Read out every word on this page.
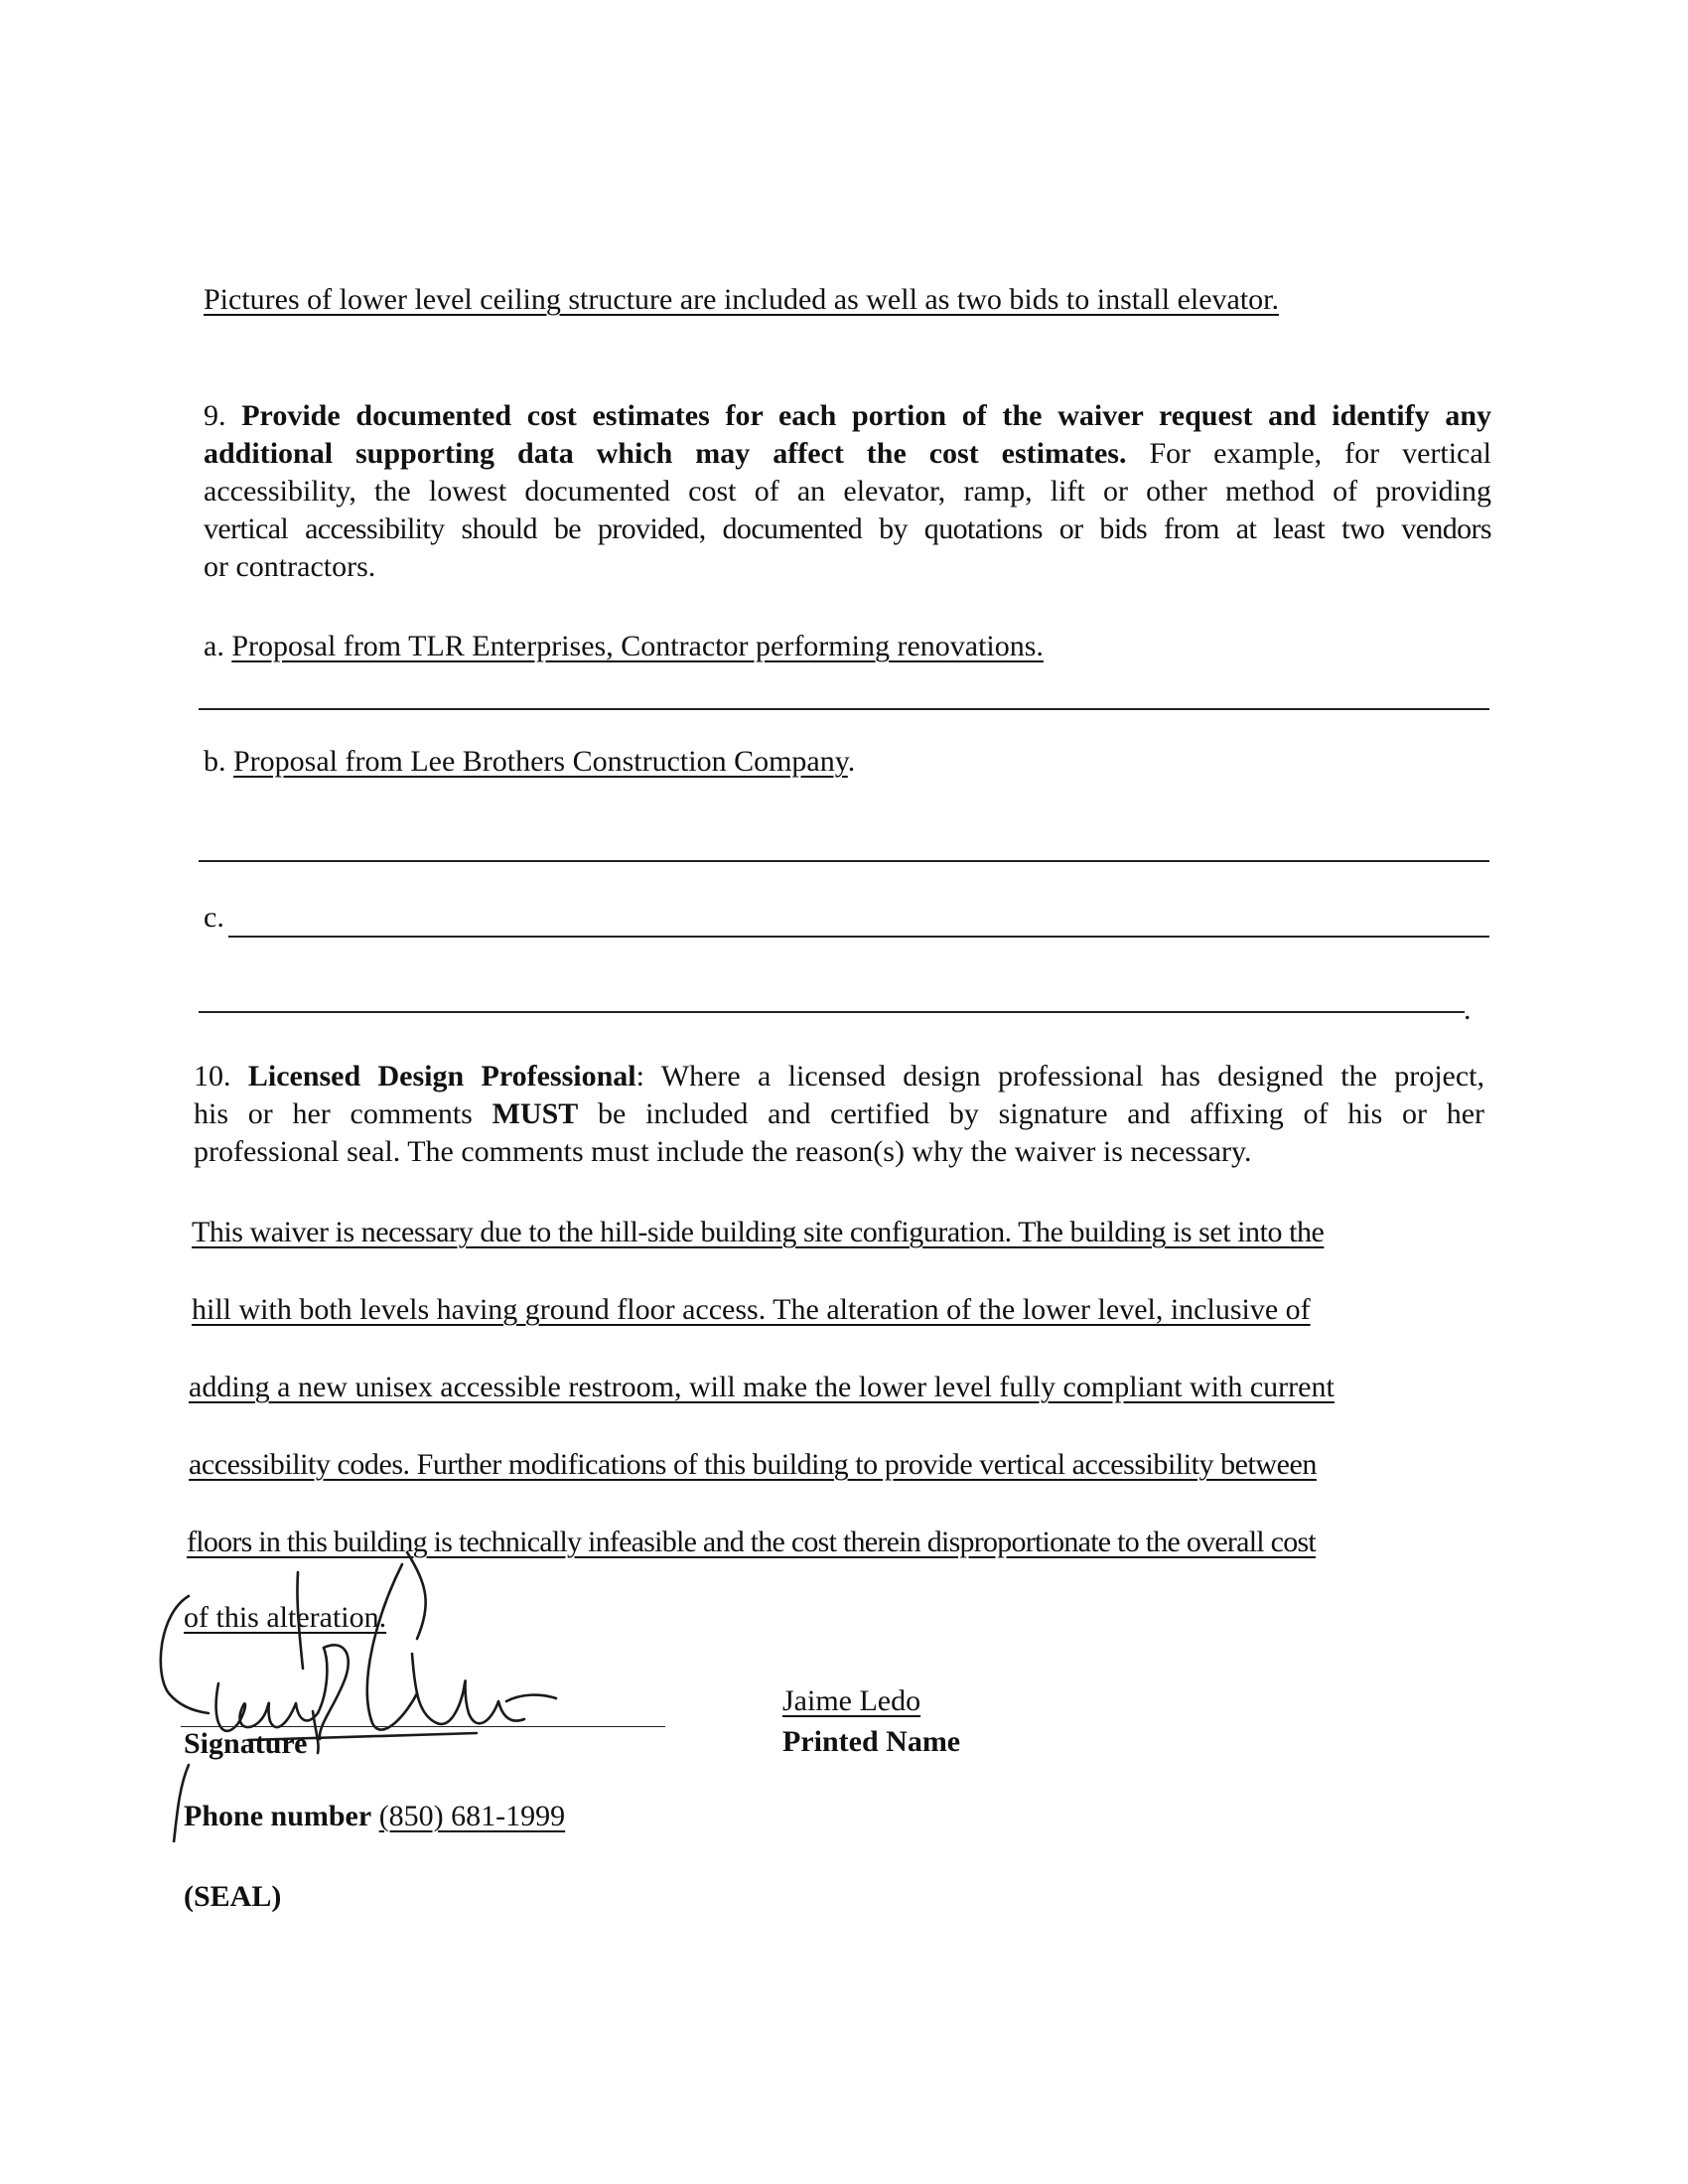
Pictures of lower level ceiling structure are included as well as two bids to install elevator.
9. Provide documented cost estimates for each portion of the waiver request and identify any
additional supporting data which may affect the cost estimates. For example, for vertical
accessibility, the lowest documented cost of an elevator, ramp, lift or other method of providing
vertical accessibility should be provided, documented by quotations or bids from at least two vendors
or contractors.
a. Proposal from TLR Enterprises, Contractor performing renovations.
b. Proposal from Lee Brothers Construction Company.
c.
.
10. Licensed Design Professional: Where a licensed design professional has designed the project,
his or her comments MUST be included and certified by signature and affixing of his or her
professional seal. The comments must include the reason(s) why the waiver is necessary.
This waiver is necessary due to the hill-side building site configuration. The building is set into the
hill with both levels having ground floor access. The alteration of the lower level, inclusive of
adding a new unisex accessible restroom, will make the lower level fully compliant with current
accessibility codes. Further modifications of this building to provide vertical accessibility between
floors in this building is technically infeasible and the cost therein disproportionate to the overall cost
of this alteration.
Signature
Jaime Ledo
Printed Name
Phone number (850) 681-1999
(SEAL)
